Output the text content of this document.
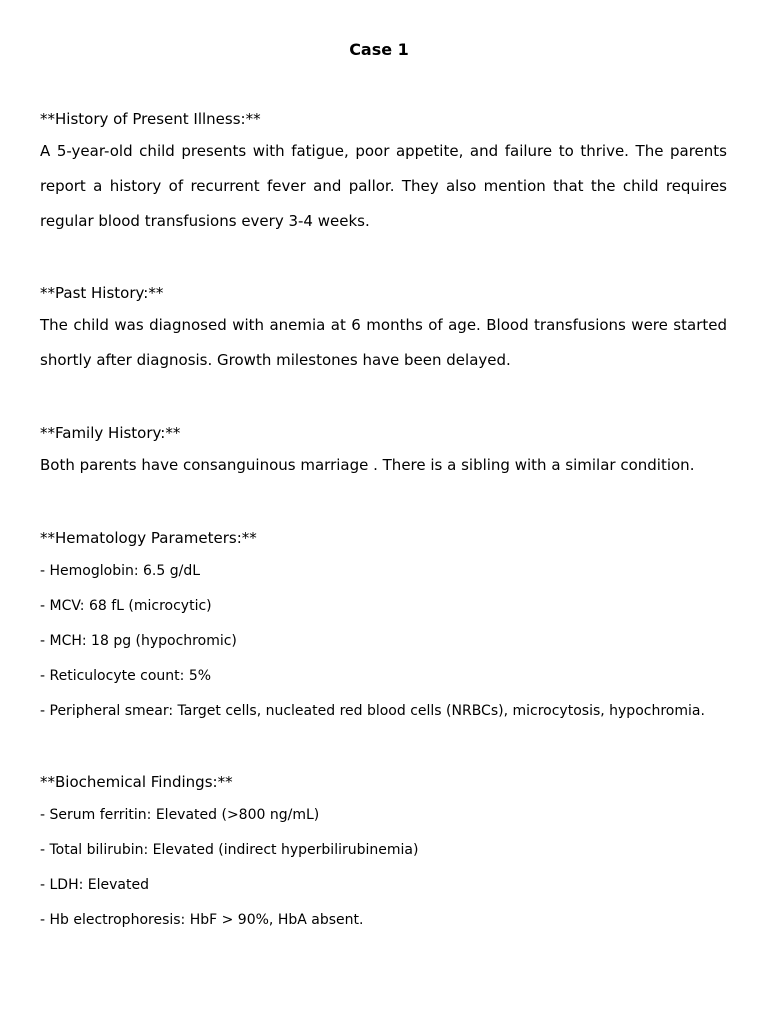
Case 1

**History of Present Illness:**

A 5-year-old child presents with fatigue, poor appetite, and failure to thrive. The parents report a history of recurrent fever and pallor. They also mention that the child requires regular blood transfusions every 3-4 weeks.

**Past History:**

The child was diagnosed with anemia at 6 months of age. Blood transfusions were started shortly after diagnosis. Growth milestones have been delayed.

**Family History:**

Both parents have consanguinous marriage . There is a sibling with a similar condition.

**Hematology Parameters:**

- Hemoglobin: 6.5 g/dL

- MCV: 68 fL (microcytic)

- MCH: 18 pg (hypochromic)

- Reticulocyte count: 5%

- Peripheral smear: Target cells, nucleated red blood cells (NRBCs), microcytosis, hypochromia.

**Biochemical Findings:**

- Serum ferritin: Elevated (>800 ng/mL)

- Total bilirubin: Elevated (indirect hyperbilirubinemia)

- LDH: Elevated

- Hb electrophoresis: HbF > 90%, HbA absent.
